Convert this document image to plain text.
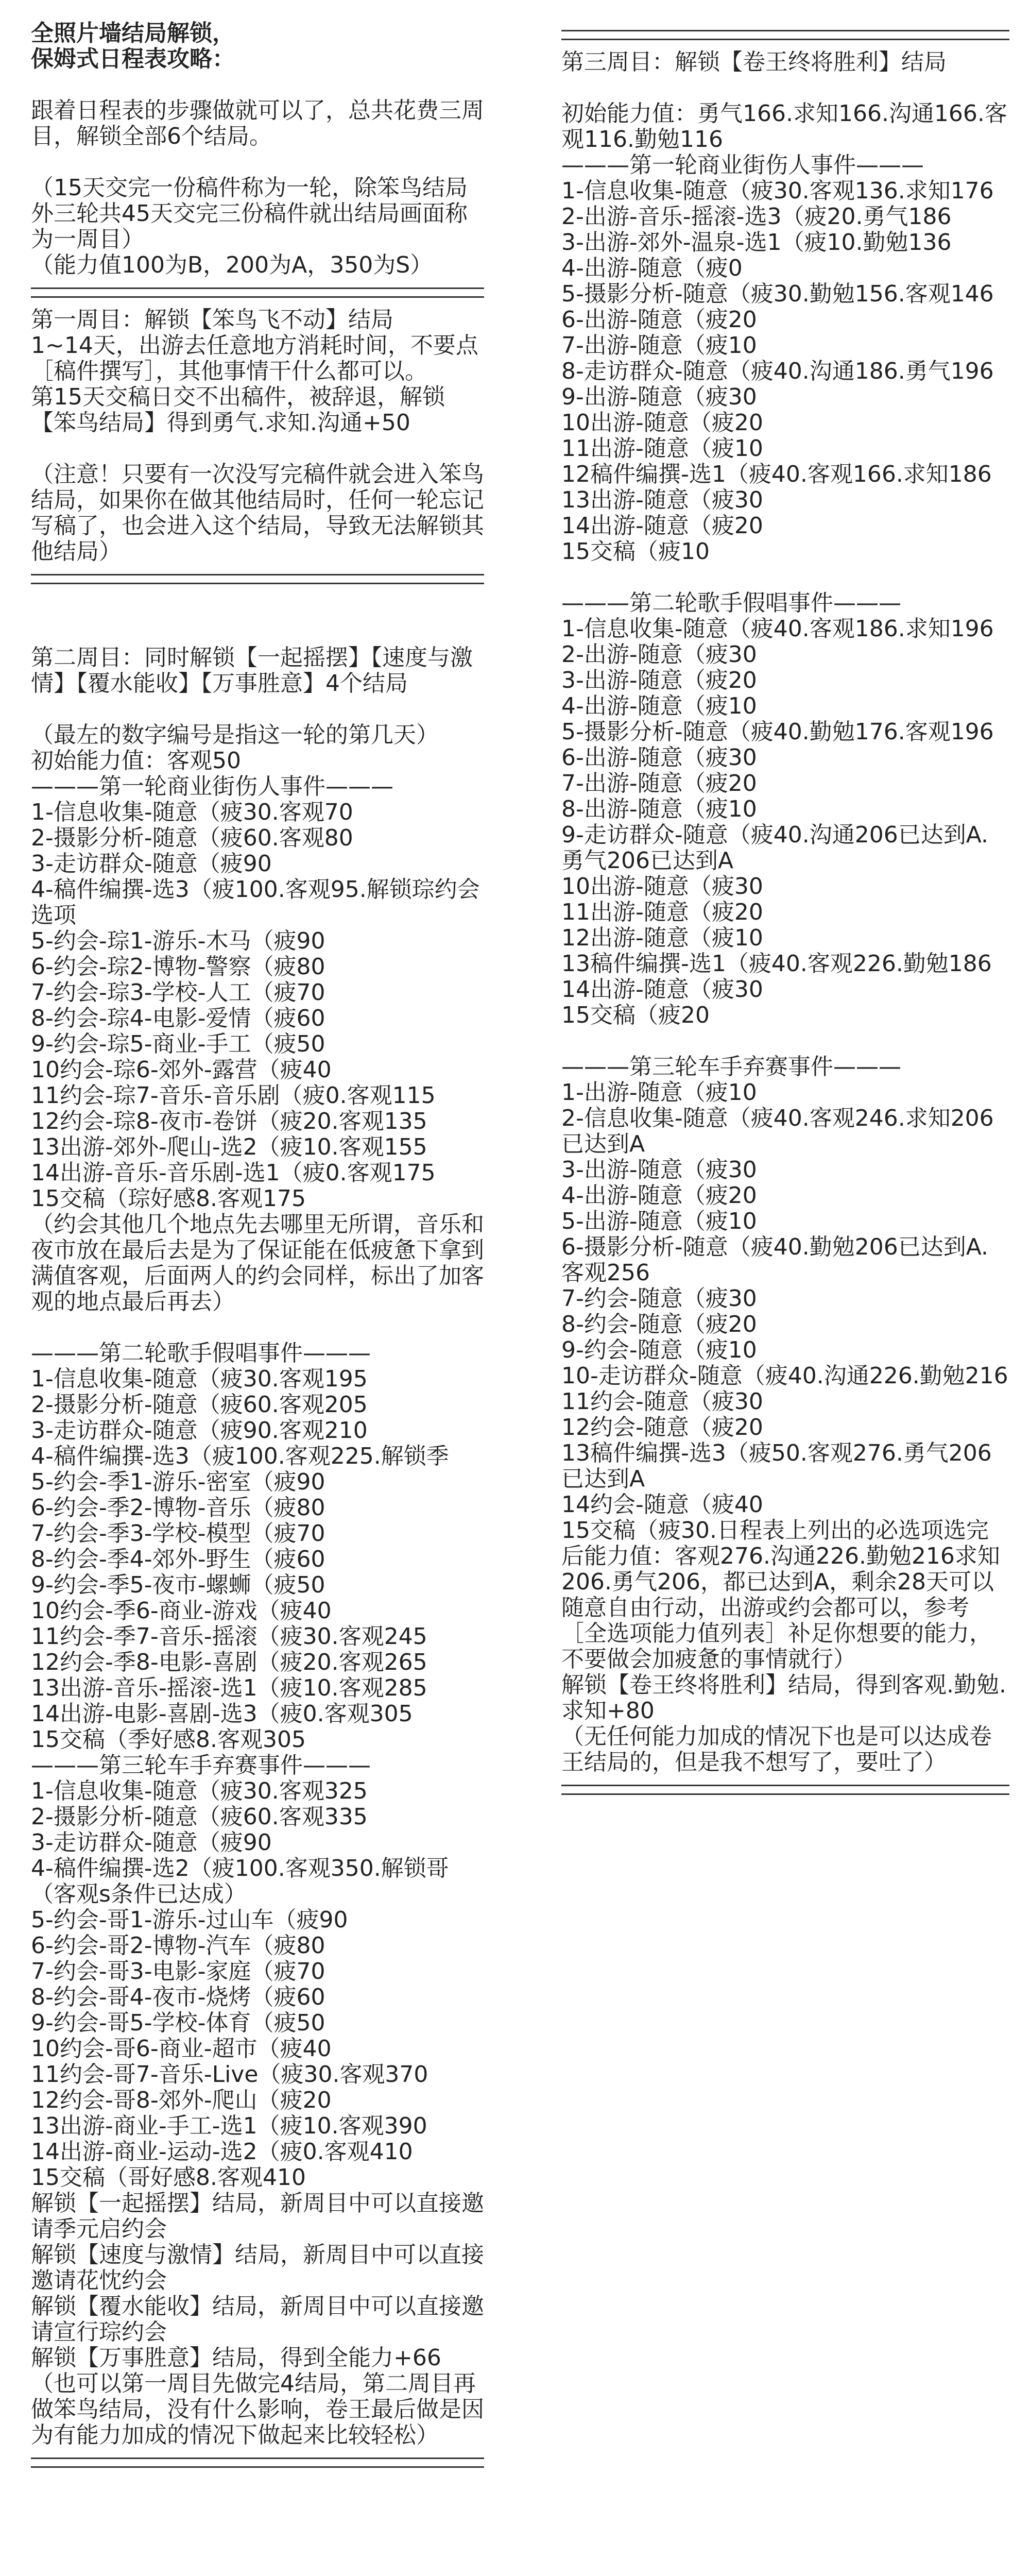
全照片墙结局解锁，
保姆式日程表攻略：
跟着日程表的步骤做就可以了，总共花费三周目，解锁全部6个结局。
（15天交完一份稿件称为一轮，除笨鸟结局外三轮共45天交完三份稿件就出结局画面称为一周目）
（能力值100为B，200为A，350为S）
第一周目：解锁【笨鸟飞不动】结局
1~14天，出游去任意地方消耗时间，不要点［稿件撰写］，其他事情干什么都可以。
第15天交稿日交不出稿件，被辞退，解锁【笨鸟结局】得到勇气.求知.沟通+50
（注意！只要有一次没写完稿件就会进入笨鸟结局，如果你在做其他结局时，任何一轮忘记写稿了，也会进入这个结局，导致无法解锁其他结局）
第二周目：同时解锁【一起摇摆】【速度与激情】【覆水能收】【万事胜意】4个结局
（最左的数字编号是指这一轮的第几天）
初始能力值：客观50
———第一轮商业街伤人事件———
1-信息收集-随意（疲30.客观70
2-摄影分析-随意（疲60.客观80
3-走访群众-随意（疲90
4-稿件编撰-选3（疲100.客观95.解锁琮约会选项
5-约会-琮1-游乐-木马（疲90
6-约会-琮2-博物-警察（疲80
7-约会-琮3-学校-人工（疲70
8-约会-琮4-电影-爱情（疲60
9-约会-琮5-商业-手工（疲50
10约会-琮6-郊外-露营（疲40
11约会-琮7-音乐-音乐剧（疲0.客观115
12约会-琮8-夜市-卷饼（疲20.客观135
13出游-郊外-爬山-选2（疲10.客观155
14出游-音乐-音乐剧-选1（疲0.客观175
15交稿（琮好感8.客观175
（约会其他几个地点先去哪里无所谓，音乐和夜市放在最后去是为了保证能在低疲惫下拿到满值客观，后面两人的约会同样，标出了加客观的地点最后再去）
———第二轮歌手假唱事件———
1-信息收集-随意（疲30.客观195
2-摄影分析-随意（疲60.客观205
3-走访群众-随意（疲90.客观210
4-稿件编撰-选3（疲100.客观225.解锁季
5-约会-季1-游乐-密室（疲90
6-约会-季2-博物-音乐（疲80
7-约会-季3-学校-模型（疲70
8-约会-季4-郊外-野生（疲60
9-约会-季5-夜市-螺蛳（疲50
10约会-季6-商业-游戏（疲40
11约会-季7-音乐-摇滚（疲30.客观245
12约会-季8-电影-喜剧（疲20.客观265
13出游-音乐-摇滚-选1（疲10.客观285
14出游-电影-喜剧-选3（疲0.客观305
15交稿（季好感8.客观305
———第三轮车手弃赛事件———
1-信息收集-随意（疲30.客观325
2-摄影分析-随意（疲60.客观335
3-走访群众-随意（疲90
4-稿件编撰-选2（疲100.客观350.解锁哥（客观s条件已达成）
5-约会-哥1-游乐-过山车（疲90
6-约会-哥2-博物-汽车（疲80
7-约会-哥3-电影-家庭（疲70
8-约会-哥4-夜市-烧烤（疲60
9-约会-哥5-学校-体育（疲50
10约会-哥6-商业-超市（疲40
11约会-哥7-音乐-Live（疲30.客观370
12约会-哥8-郊外-爬山（疲20
13出游-商业-手工-选1（疲10.客观390
14出游-商业-运动-选2（疲0.客观410
15交稿（哥好感8.客观410
解锁【一起摇摆】结局，新周目中可以直接邀请季元启约会
解锁【速度与激情】结局，新周目中可以直接邀请花忱约会
解锁【覆水能收】结局，新周目中可以直接邀请宣行琮约会
解锁【万事胜意】结局，得到全能力+66
（也可以第一周目先做完4结局，第二周目再做笨鸟结局，没有什么影响，卷王最后做是因为有能力加成的情况下做起来比较轻松）
第三周目：解锁【卷王终将胜利】结局
初始能力值：勇气166.求知166.沟通166.客观116.勤勉116
———第一轮商业街伤人事件———
1-信息收集-随意（疲30.客观136.求知176
2-出游-音乐-摇滚-选3（疲20.勇气186
3-出游-郊外-温泉-选1（疲10.勤勉136
4-出游-随意（疲0
5-摄影分析-随意（疲30.勤勉156.客观146
6-出游-随意（疲20
7-出游-随意（疲10
8-走访群众-随意（疲40.沟通186.勇气196
9-出游-随意（疲30
10出游-随意（疲20
11出游-随意（疲10
12稿件编撰-选1（疲40.客观166.求知186
13出游-随意（疲30
14出游-随意（疲20
15交稿（疲10
———第二轮歌手假唱事件———
1-信息收集-随意（疲40.客观186.求知196
2-出游-随意（疲30
3-出游-随意（疲20
4-出游-随意（疲10
5-摄影分析-随意（疲40.勤勉176.客观196
6-出游-随意（疲30
7-出游-随意（疲20
8-出游-随意（疲10
9-走访群众-随意（疲40.沟通206已达到A.勇气206已达到A
10出游-随意（疲30
11出游-随意（疲20
12出游-随意（疲10
13稿件编撰-选1（疲40.客观226.勤勉186
14出游-随意（疲30
15交稿（疲20
———第三轮车手弃赛事件———
1-出游-随意（疲10
2-信息收集-随意（疲40.客观246.求知206已达到A
3-出游-随意（疲30
4-出游-随意（疲20
5-出游-随意（疲10
6-摄影分析-随意（疲40.勤勉206已达到A.客观256
7-约会-随意（疲30
8-约会-随意（疲20
9-约会-随意（疲10
10-走访群众-随意（疲40.沟通226.勤勉216
11约会-随意（疲30
12约会-随意（疲20
13稿件编撰-选3（疲50.客观276.勇气206已达到A
14约会-随意（疲40
15交稿（疲30.日程表上列出的必选项选完后能力值：客观276.沟通226.勤勉216求知206.勇气206，都已达到A，剩余28天可以随意自由行动，出游或约会都可以，参考［全选项能力值列表］补足你想要的能力，不要做会加疲惫的事情就行）
解锁【卷王终将胜利】结局，得到客观.勤勉.求知+80
（无任何能力加成的情况下也是可以达成卷王结局的，但是我不想写了，要吐了）
